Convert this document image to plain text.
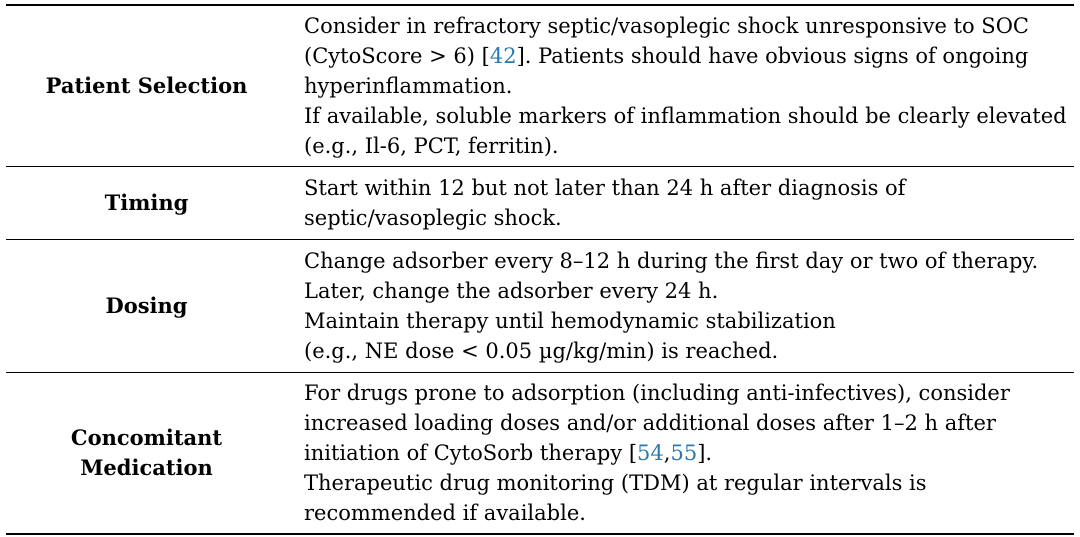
Patient Selection	Consider in refractory septic/vasoplegic shock unresponsive to SOC
(CytoScore > 6) [42]. Patients should have obvious signs of ongoing
hyperinflammation.
If available, soluble markers of inflammation should be clearly elevated
(e.g., Il-6, PCT, ferritin).

Timing	Start within 12 but not later than 24 h after diagnosis of
septic/vasoplegic shock.

Dosing	Change adsorber every 8–12 h during the first day or two of therapy.
Later, change the adsorber every 24 h.
Maintain therapy until hemodynamic stabilization
(e.g., NE dose < 0.05 µg/kg/min) is reached.

Concomitant
Medication	For drugs prone to adsorption (including anti-infectives), consider
increased loading doses and/or additional doses after 1–2 h after
initiation of CytoSorb therapy [54,55].
Therapeutic drug monitoring (TDM) at regular intervals is
recommended if available.
